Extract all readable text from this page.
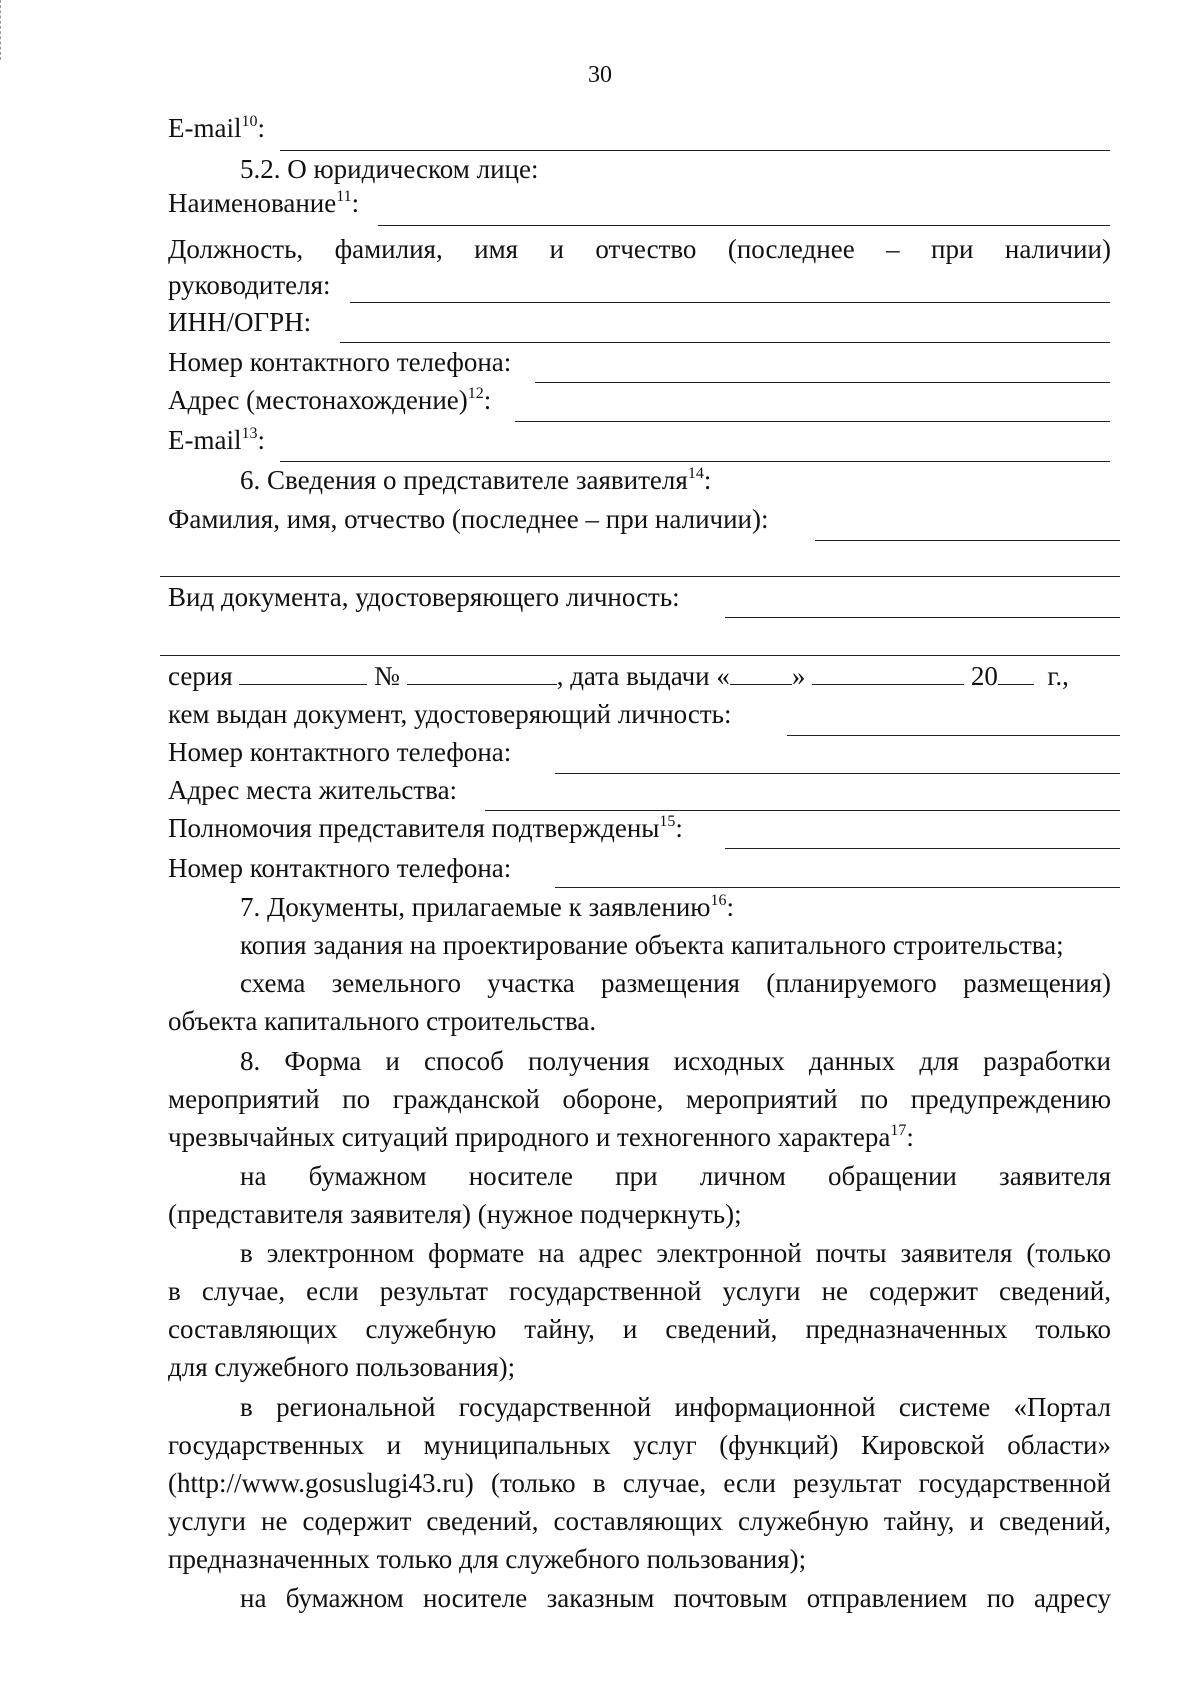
30
E-mail$^{10}$:
5.2. О юридическом лице:
Наименование$^{11}$:
Должность, фамилия, имя и отчество (последнее – при наличии)
руководителя:
ИНН/ОГРН:
Номер контактного телефона:
Адрес (местонахождение)$^{12}$:
E-mail$^{13}$:
6. Сведения о представителе заявителя$^{14}$:
Фамилия, имя, отчество (последнее – при наличии):
Вид документа, удостоверяющего личность:
серия	№	, дата выдачи « »	20 г.,
кем выдан документ, удостоверяющий личность:
Номер контактного телефона:
Адрес места жительства:
Полномочия представителя подтверждены$^{15}$:
Номер контактного телефона:
7. Документы, прилагаемые к заявлению$^{16}$:
копия задания на проектирование объекта капитального строительства;
схема земельного участка размещения (планируемого размещения)
объекта капитального строительства.
8. Форма и способ получения исходных данных для разработки
мероприятий по гражданской обороне, мероприятий по предупреждению
чрезвычайных ситуаций природного и техногенного характера$^{17}$:
на бумажном носителе при личном обращении заявителя
(представителя заявителя) (нужное подчеркнуть);
в электронном формате на адрес электронной почты заявителя (только
в случае, если результат государственной услуги не содержит сведений,
составляющих служебную тайну, и сведений, предназначенных только
для служебного пользования);
в региональной государственной информационной системе «Портал
государственных и муниципальных услуг (функций) Кировской области»
(http://www.gosuslugi43.ru) (только в случае, если результат государственной
услуги не содержит сведений, составляющих служебную тайну, и сведений,
предназначенных только для служебного пользования);
на бумажном носителе заказным почтовым отправлением по адресу
